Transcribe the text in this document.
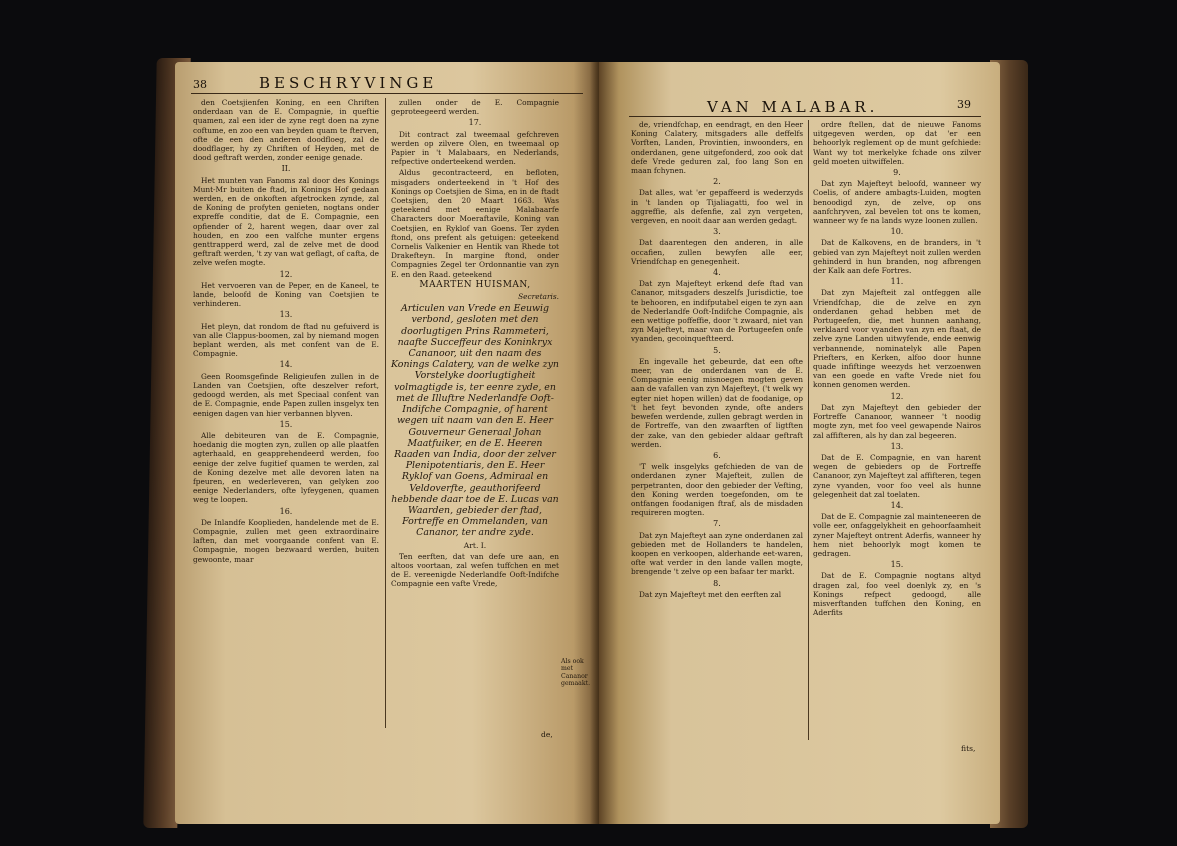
38	BESCHRYVINGE

den Coetsjienfen Koning, en een Chriften onderdaan van de E. Compagnie, in queftie quamen, zal een ider de zyne regt doen na zyne coftume, en zoo een van beyden quam te fterven, ofte de een den anderen doodfloeg, zal de doodflager, hy zy Chriften of Heyden, met de dood geftraft werden, zonder eenige genade.

II.

Het munten van Fanoms zal door des Konings Munt-Mr buiten de ftad, in Konings Hof gedaan werden, en de onkoften afgetrocken zynde, zal de Koning de profyten genieten, nogtans onder expreffe conditie, dat de E. Compagnie, een opfiender of 2, harent wegen, daar over zal houden, en zoo een valfche munter ergens genttrapperd werd, zal de zelve met de dood geftraft werden, 't zy van wat geflagt, of cafta, de zelve wefen mogte.

12.

Het vervoeren van de Peper, en de Kaneel, te lande, beloofd de Koning van Coetsjien te verhinderen.

13.

Het pleyn, dat rondom de ftad nu gefuiverd is van alle Clappus-boomen, zal by niemand mogen beplant werden, als met confent van de E. Compagnie.

14.

Geen Roomsgefinde Religieufen zullen in de Landen van Coetsjien, ofte deszelver refort, gedoogd werden, als met Speciaal confent van de E. Compagnie, ende Papen zullen insgelyx ten eenigen dagen van hier verbannen blyven.

15.

Alle debiteuren van de E. Compagnie, hoedanig die mogten zyn, zullen op alle plaatfen agterhaald, en geapprehendeerd werden, foo eenige der zelve fugitief quamen te werden, zal de Koning dezelve met alle devoren laten na fpeuren, en wederleveren, van gelyken zoo eenige Nederlanders, ofte lyfeygenen, quamen weg te loopen.

16.

De Inlandfe Kooplieden, handelende met de E. Compagnie, zullen met geen extraordinaire laften, dan met voorgaande confent van E. Compagnie, mogen bezwaard werden, buiten gewoonte, maar

zullen onder de E. Compagnie geproteegeerd werden.

17.

Dit contract zal tweemaal gefchreven werden op zilvere Olen, en tweemaal op Papier in 't Malabaars, en Nederlands, refpective onderteekend werden.

Aldus gecontracteerd, en befloten, misgaders onderteekend in 't Hof des Konings op Coetsjien de Sima, en in de ftadt Coetsjien, den 20 Maart 1663. Was geteekend met eenige Malabaarfe Characters door Moeraftavile, Koning van Coetsjien, en Ryklof van Goens. Ter zyden ftond, ons prefent als getuigen: geteekend Cornelis Valkenier en Hentik van Rhede tot Drakefteyn. In margine ftond, onder Compagnies Zegel ter Ordonnantie van zyn E. en den Raad. geteekend

MAARTEN HUISMAN,

Secretaris.

Articulen van Vrede en Eeuwig verbond, gesloten met den doorlugtigen Prins Rammeteri, naafte Succeffeur des Koninkryx Cananoor, uit den naam des Konings Calatery, van de welke zyn Vorstelyke doorlugtigheit volmagtigde is, ter eenre zyde, en met de Illuftre Nederlandfe Ooft-Indifche Compagnie, of harent wegen uit naam van den E. Heer Gouverneur Generaal Johan Maatfuiker, en de E. Heeren Raaden van India, door der zelver Plenipotentiaris, den E. Heer Ryklof van Goens, Admiraal en Veldoverfte, geauthorifeerd hebbende daar toe de E. Lucas van Waarden, gebieder der ftad, Fortreffe en Ommelanden, van Cananor, ter andre zyde.

Art. I.

Ten eerften, dat van defe ure aan, en altoos voortaan, zal wefen tuffchen en met de E. vereenigde Nederlandfe Ooft-Indifche Compagnie een vafte Vrede,

Als ook met Cananor gemaakt.
de,
VAN MALABAR.	39

de, vriendfchap, en eendragt, en den Heer Koning Calatery, mitsgaders alle deffelfs Vorften, Landen, Provintien, inwoonders, en onderdanen, gene uitgefonderd, zoo ook dat defe Vrede geduren zal, foo lang Son en maan fchynen.

2.

Dat alles, wat 'er gepaffeerd is wederzyds in 't landen op Tijaliagatti, foo wel in aggreffie, als defenfie, zal zyn vergeten, vergeven, en nooit daar aan werden gedagt.

3.

Dat daarentegen den anderen, in alle occafien, zullen bewyfen alle eer, Vriendfchap en genegenheit.

4.

Dat zyn Majefteyt erkend defe ftad van Cananor, mitsgaders deszelfs Jurisdictie, toe te behooren, en indifputabel eigen te zyn aan de Nederlandfe Ooft-Indifche Compagnie, als een wettige poffeffie, door 't zwaard, niet van zyn Majefteyt, maar van de Portugeefen onfe vyanden, gecoinqueftteerd.

5.

En ingevalle het gebeurde, dat een ofte meer, van de onderdanen van de E. Compagnie eenig misnoegen mogten geven aan de vafallen van zyn Majefteyt, ('t welk wy egter niet hopen willen) dat de foodanige, op 't het feyt bevonden zynde, ofte anders bewefen werdende, zullen gebragt werden in de Fortreffe, van den zwaarften of ligtften der zake, van den gebieder aldaar geftraft werden.

6.

'T welk insgelyks gefchieden de van de onderdanen zyner Majefteit, zullen de perpetranten, door den gebieder der Vefting, den Koning werden toegefonden, om te ontfangen foodanigen ftraf, als de misdaden requireren mogten.

7.

Dat zyn Majefteyt aan zyne onderdanen zal gebieden met de Hollanders te handelen, koopen en verkoopen, alderhande eet-waren, ofte wat verder in den lande vallen mogte, brengende 't zelve op een bafaar ter markt.

8.

Dat zyn Majefteyt met den eerften zal

ordre ftellen, dat de nieuwe Fanoms uitgegeven werden, op dat 'er een behoorlyk reglement op de munt gefchiede: Want wy tot merkelyke fchade ons zilver geld moeten uitwiffelen.

9.

Dat zyn Majefteyt beloofd, wanneer wy Coelis, of andere ambagts-Luiden, mogten benoodigd zyn, de zelve, op ons aanfchryven, zal bevelen tot ons te komen, wanneer wy fe na lands wyze loonen zullen.

10.

Dat de Kalkovens, en de branders, in 't gebied van zyn Majefteyt noit zullen werden gehinderd in hun branden, nog afbrengen der Kalk aan defe Fortres.

11.

Dat zyn Majefteit zal ontfeggen alle Vriendfchap, die de zelve en zyn onderdanen gehad hebben met de Portugeefen, die, met hunnen aanhang, verklaard voor vyanden van zyn en ftaat, de zelve zyne Landen uitwyfende, ende eenwig verbannende, nominatelyk alle Papen Priefters, en Kerken, alfoo door hunne quade infiftinge weezyds het verzoenwen van een goede en vafte Vrede niet fou konnen genomen werden.

12.

Dat zyn Majefteyt den gebieder der Fortreffe Cananoor, wanneer 't noodig mogte zyn, met foo veel gewapende Nairos zal affifteren, als hy dan zal begeeren.

13.

Dat de E. Compagnie, en van harent wegen de gebieders op de Fortreffe Cananoor, zyn Majefteyt zal affifteren, tegen zyne vyanden, voor foo veel als hunne gelegenheit dat zal toelaten.

14.

Dat de E. Compagnie zal mainteneeren de volle eer, onfaggelykheit en gehoorfaamheit zyner Majefteyt ontrent Aderfis, wanneer hy hem niet behoorlyk mogt komen te gedragen.

15.

Dat de E. Compagnie nogtans altyd dragen zal, foo veel doenlyk zy, en 's Konings refpect gedoogd, alle misverftanden tuffchen den Koning, en Aderfits

fits,
